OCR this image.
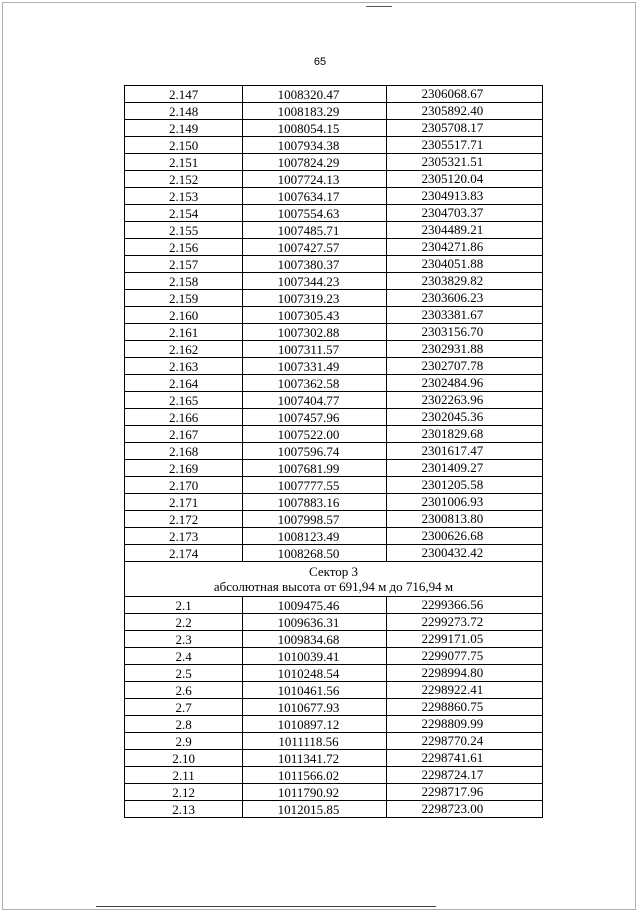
65
2.147	1008320.47	2306068.67
2.148	1008183.29	2305892.40
2.149	1008054.15	2305708.17
2.150	1007934.38	2305517.71
2.151	1007824.29	2305321.51
2.152	1007724.13	2305120.04
2.153	1007634.17	2304913.83
2.154	1007554.63	2304703.37
2.155	1007485.71	2304489.21
2.156	1007427.57	2304271.86
2.157	1007380.37	2304051.88
2.158	1007344.23	2303829.82
2.159	1007319.23	2303606.23
2.160	1007305.43	2303381.67
2.161	1007302.88	2303156.70
2.162	1007311.57	2302931.88
2.163	1007331.49	2302707.78
2.164	1007362.58	2302484.96
2.165	1007404.77	2302263.96
2.166	1007457.96	2302045.36
2.167	1007522.00	2301829.68
2.168	1007596.74	2301617.47
2.169	1007681.99	2301409.27
2.170	1007777.55	2301205.58
2.171	1007883.16	2301006.93
2.172	1007998.57	2300813.80
2.173	1008123.49	2300626.68
2.174	1008268.50	2300432.42

Сектор 3
абсолютная высота от 691,94 м до 716,94 м		

2.1	1009475.46	2299366.56
2.2	1009636.31	2299273.72
2.3	1009834.68	2299171.05
2.4	1010039.41	2299077.75
2.5	1010248.54	2298994.80
2.6	1010461.56	2298922.41
2.7	1010677.93	2298860.75
2.8	1010897.12	2298809.99
2.9	1011118.56	2298770.24
2.10	1011341.72	2298741.61
2.11	1011566.02	2298724.17
2.12	1011790.92	2298717.96
2.13	1012015.85	2298723.00
